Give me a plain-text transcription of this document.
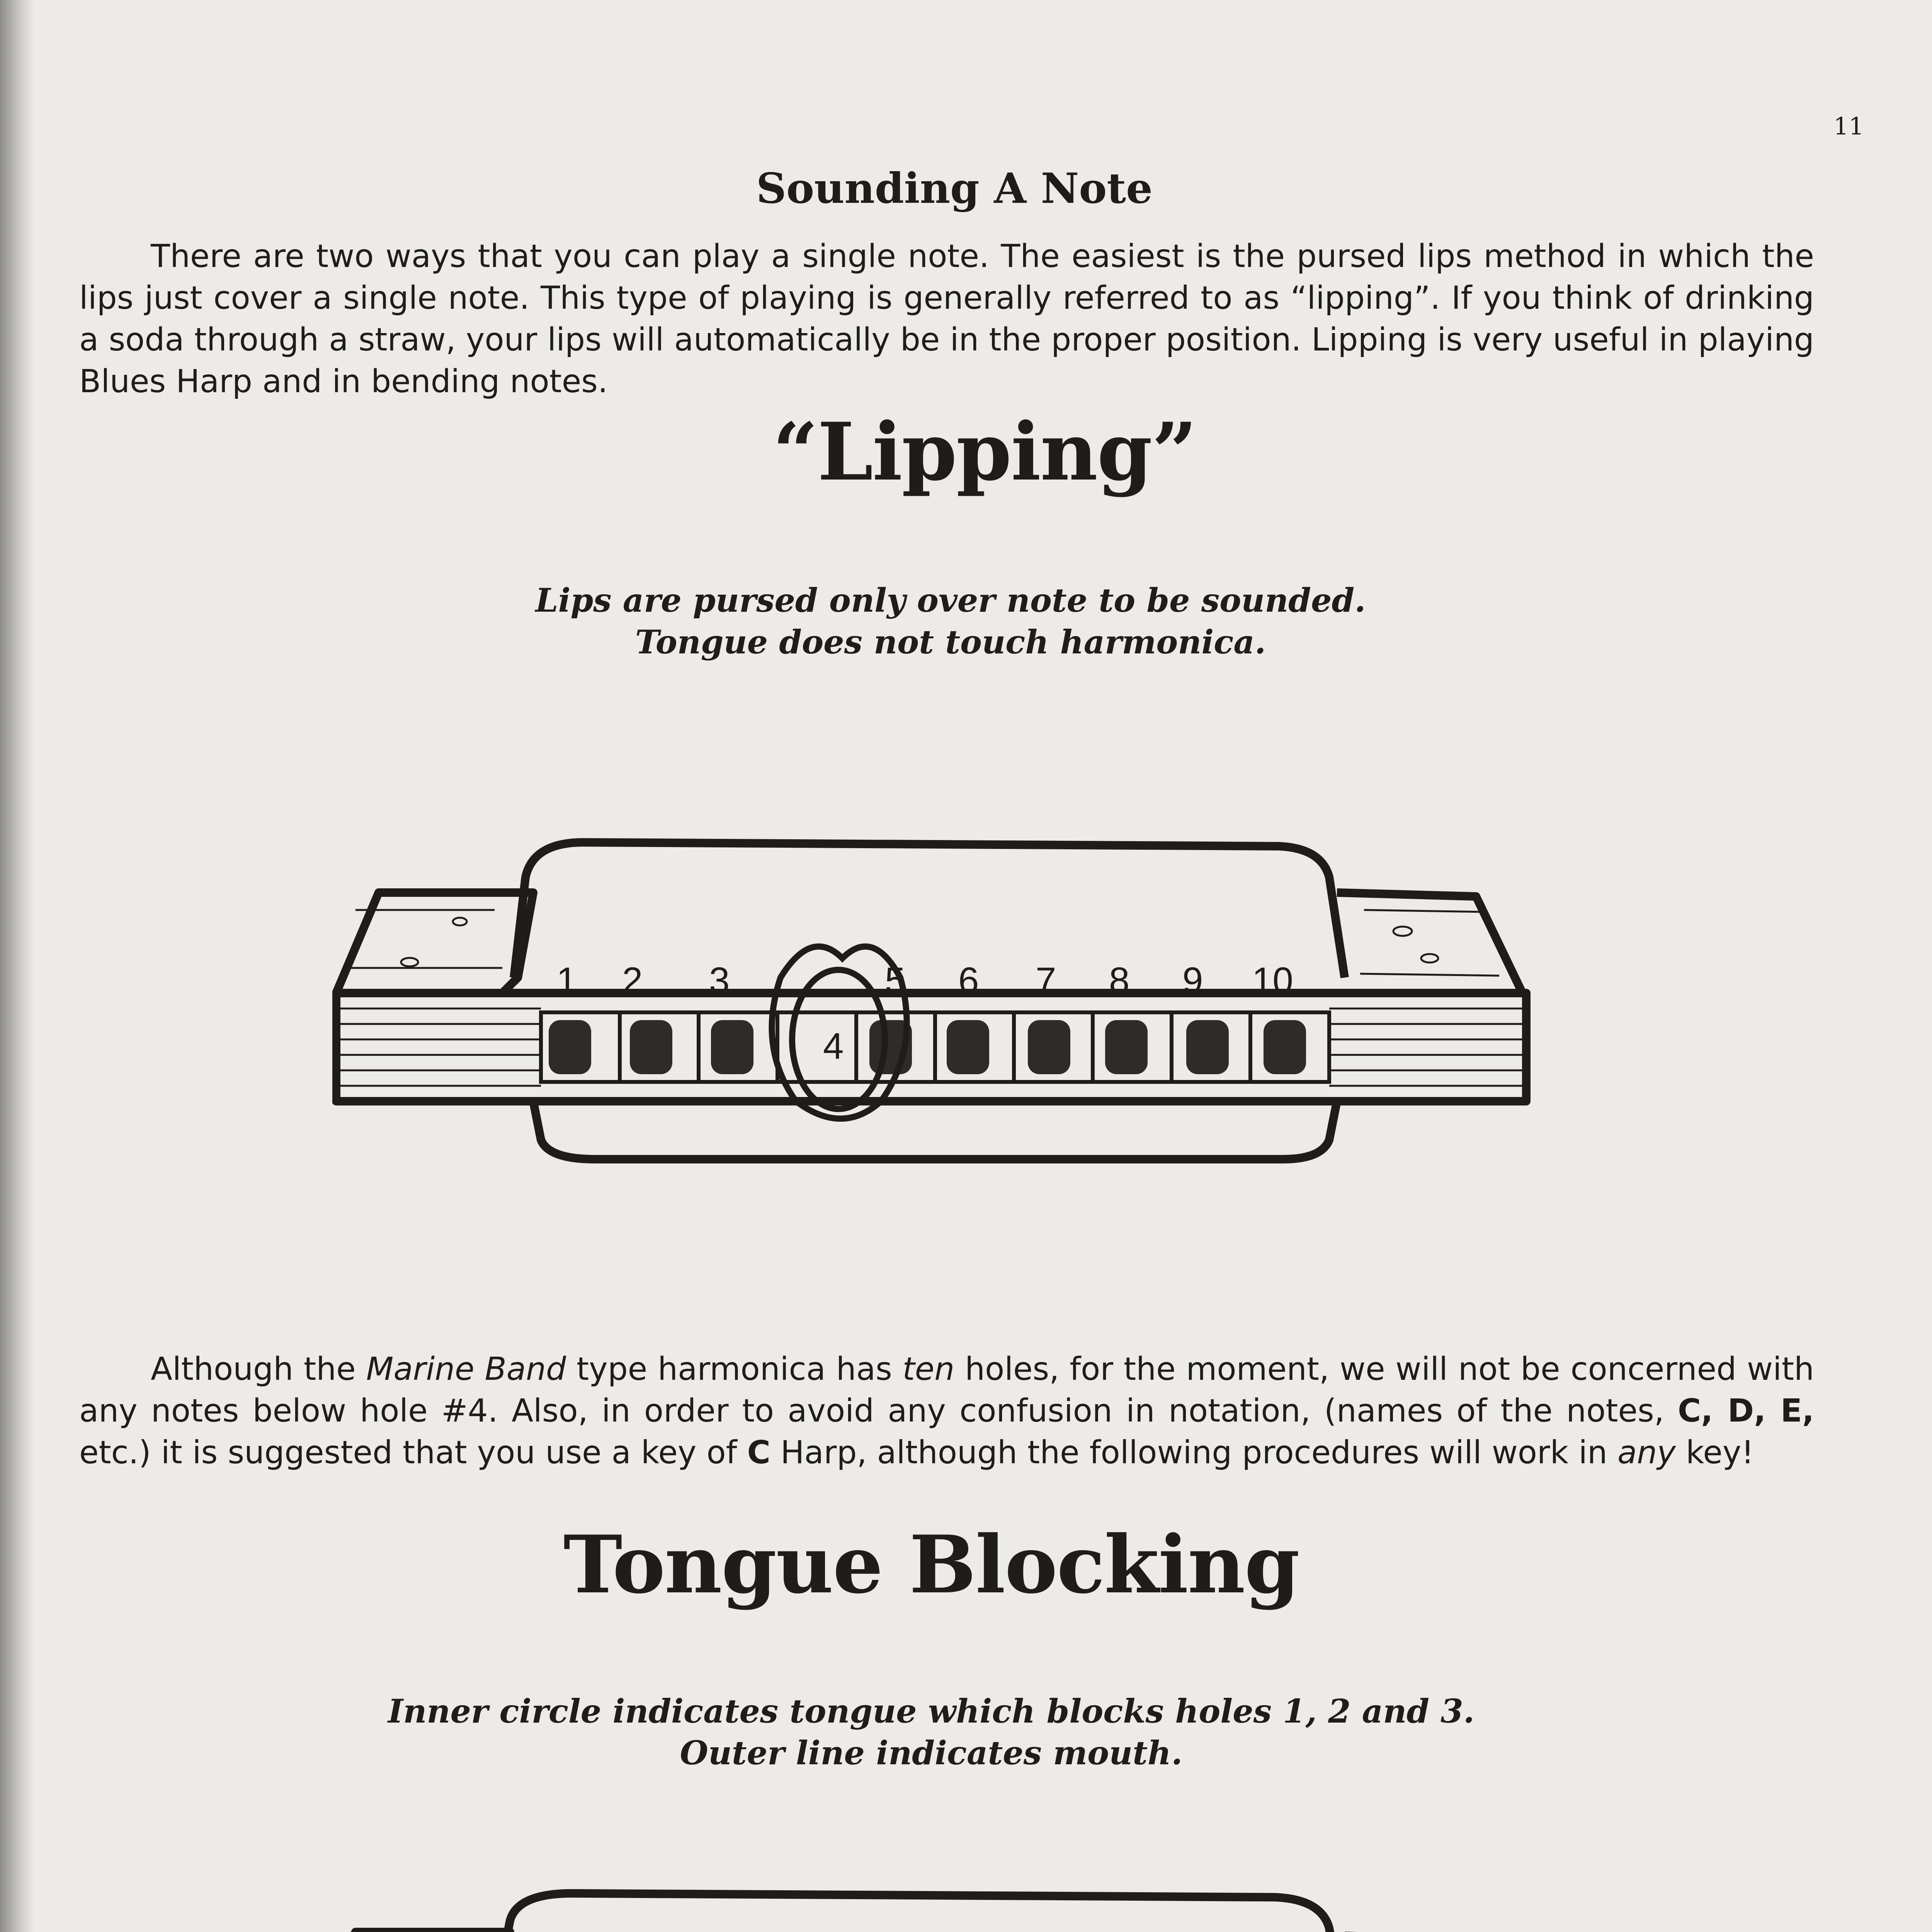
11
Sounding A Note

There are two ways that you can play a single note. The easiest is the pursed lips method in which the lips just cover a single note. This type of playing is generally referred to as “lipping”. If you think of drinking a soda through a straw, your lips will automatically be in the proper position. Lipping is very useful in playing Blues Harp and in bending notes.

“Lipping”
Lips are pursed only over note to be sounded.
Tongue does not touch harmonica.
1 2 3
4
5 6 7 8 9 10

Although the Marine Band type harmonica has ten holes, for the moment, we will not be concerned with any notes below hole #4. Also, in order to avoid any confusion in notation, (names of the notes, C, D, E, etc.) it is suggested that you use a key of C Harp, although the following procedures will work in any key!

Tongue Blocking
Inner circle indicates tongue which blocks holes 1, 2 and 3.
Outer line indicates mouth.
